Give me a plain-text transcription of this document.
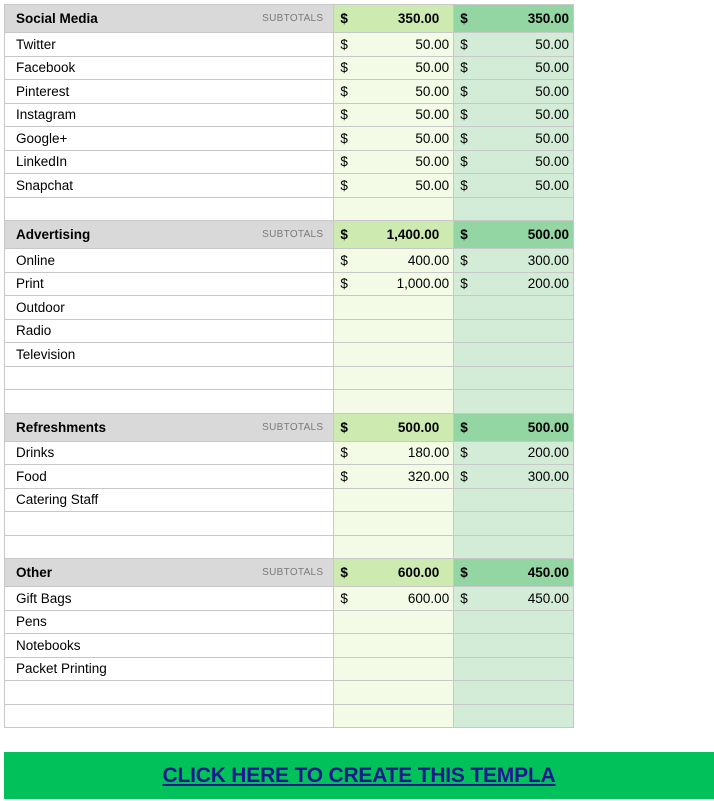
Social Media	SUBTOTALS $	350.00 $	350.00
Twitter	$	50.00 $	50.00
Facebook	$	50.00 $	50.00
Pinterest	$	50.00 $	50.00
Instagram	$	50.00 $	50.00
Google+	$	50.00 $	50.00
LinkedIn	$	50.00 $	50.00
Snapchat	$	50.00 $	50.00
Advertising	SUBTOTALS $	1,400.00 $	500.00
Online	$	400.00 $	300.00
Print	$	1,000.00 $	200.00
Outdoor
Radio
Television
Refreshments	SUBTOTALS $	500.00 $	500.00
Drinks	$	180.00 $	200.00
Food	$	320.00 $	300.00
Catering Staff
Other	SUBTOTALS $	600.00 $	450.00
Gift Bags	$	600.00 $	450.00
Pens
Notebooks
Packet Printing
CLICK HERE TO CREATE THIS TEMPLA
